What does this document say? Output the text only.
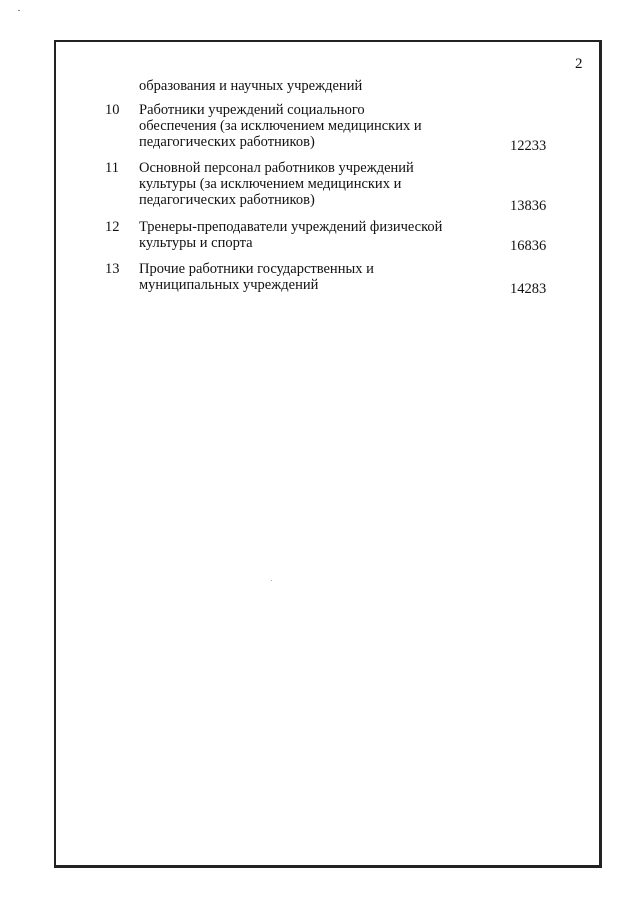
2
образования и научных учреждений
10 Работники учреждений социального
обеспечения (за исключением медицинских и
педагогических работников)	12233
11 Основной персонал работников учреждений
культуры (за исключением медицинских и
педагогических работников)	13836
12 Тренеры-преподаватели учреждений физической
культуры и спорта	16836
13 Прочие работники государственных и
муниципальных учреждений	14283
